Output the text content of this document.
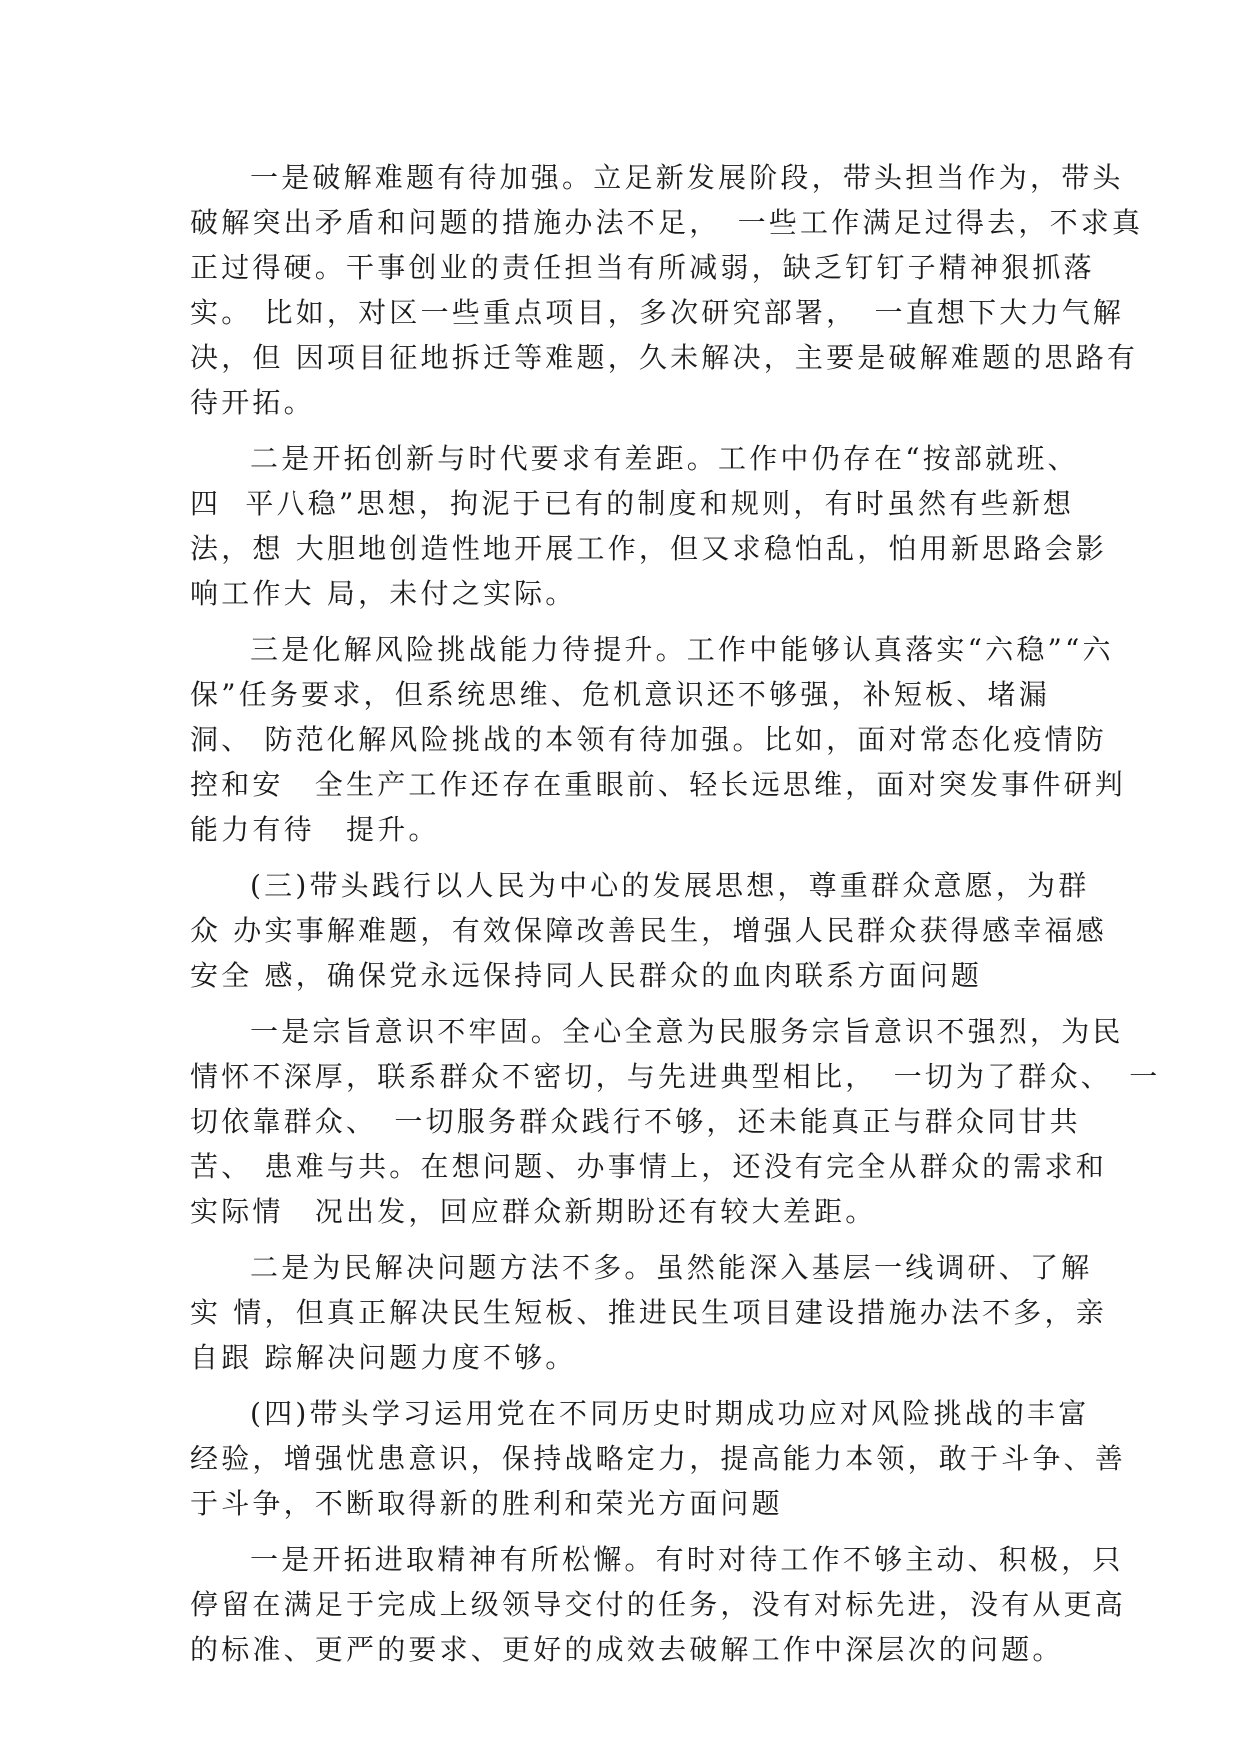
一是破解难题有待加强。立足新发展阶段，带头担当作为，带头
破解突出矛盾和问题的措施办法不足，　一些工作满足过得去，不求真
正过得硬。干事创业的责任担当有所减弱，缺乏钉钉子精神狠抓落
实。 比如，对区一些重点项目，多次研究部署，　一直想下大力气解
决，但 因项目征地拆迁等难题，久未解决，主要是破解难题的思路有
待开拓。
二是开拓创新与时代要求有差距。工作中仍存在“按部就班、
四  平八稳”思想，拘泥于已有的制度和规则，有时虽然有些新想
法，想 大胆地创造性地开展工作，但又求稳怕乱，怕用新思路会影
响工作大 局，未付之实际。
三是化解风险挑战能力待提升。工作中能够认真落实“六稳”“六
保”任务要求，但系统思维、危机意识还不够强，补短板、堵漏
洞、 防范化解风险挑战的本领有待加强。比如，面对常态化疫情防
控和安　全生产工作还存在重眼前、轻长远思维，面对突发事件研判
能力有待　提升。
(三)带头践行以人民为中心的发展思想，尊重群众意愿，为群
众 办实事解难题，有效保障改善民生，增强人民群众获得感幸福感
安全 感，确保党永远保持同人民群众的血肉联系方面问题
一是宗旨意识不牢固。全心全意为民服务宗旨意识不强烈，为民
情怀不深厚，联系群众不密切，与先进典型相比，　一切为了群众、　一
切依靠群众、　一切服务群众践行不够，还未能真正与群众同甘共
苦、 患难与共。在想问题、办事情上，还没有完全从群众的需求和
实际情　况出发，回应群众新期盼还有较大差距。
二是为民解决问题方法不多。虽然能深入基层一线调研、了解
实 情，但真正解决民生短板、推进民生项目建设措施办法不多，亲
自跟 踪解决问题力度不够。
(四)带头学习运用党在不同历史时期成功应对风险挑战的丰富
经验，增强忧患意识，保持战略定力，提高能力本领，敢于斗争、善
于斗争，不断取得新的胜利和荣光方面问题
一是开拓进取精神有所松懈。有时对待工作不够主动、积极，只
停留在满足于完成上级领导交付的任务，没有对标先进，没有从更高
的标准、更严的要求、更好的成效去破解工作中深层次的问题。
